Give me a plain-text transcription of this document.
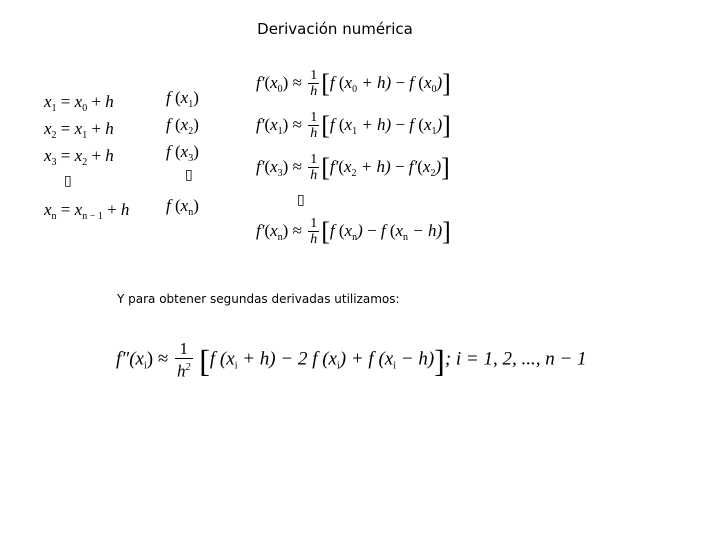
Derivación numérica
$x_1 = x_0 + h$
$x_2 = x_1 + h$
$x_3 = x_2 + h$
▯
$x_n = x_{n - 1} + h$
f $(x_1)$
f $(x_2)$
f $(x_3)$
▯
f $(x_n)$
$f'(x_0) \approx \frac{1}{h} [f$ $(x_0 + h) - f$ $(x_0)$]
$f'(x_1) \approx \frac{1}{h} [f$ $(x_1 + h) - f$ $(x_1)$]
$f'(x_3) \approx \frac{1}{h} [f'(x_2 + h) - f'(x_2)]$
▯
$f'(x_n) \approx \frac{1}{h} [f$ $(x_n) - f$ $(x_n - h)$]
Y para obtener segundas derivadas utilizamos:
$f''(x_i) \approx \frac{1}{h^2} [f$ $(x_i + h) - 2$ f $(x_i) + f$ $(x_i - h)$]; i = 1, 2, ..., n − 1
